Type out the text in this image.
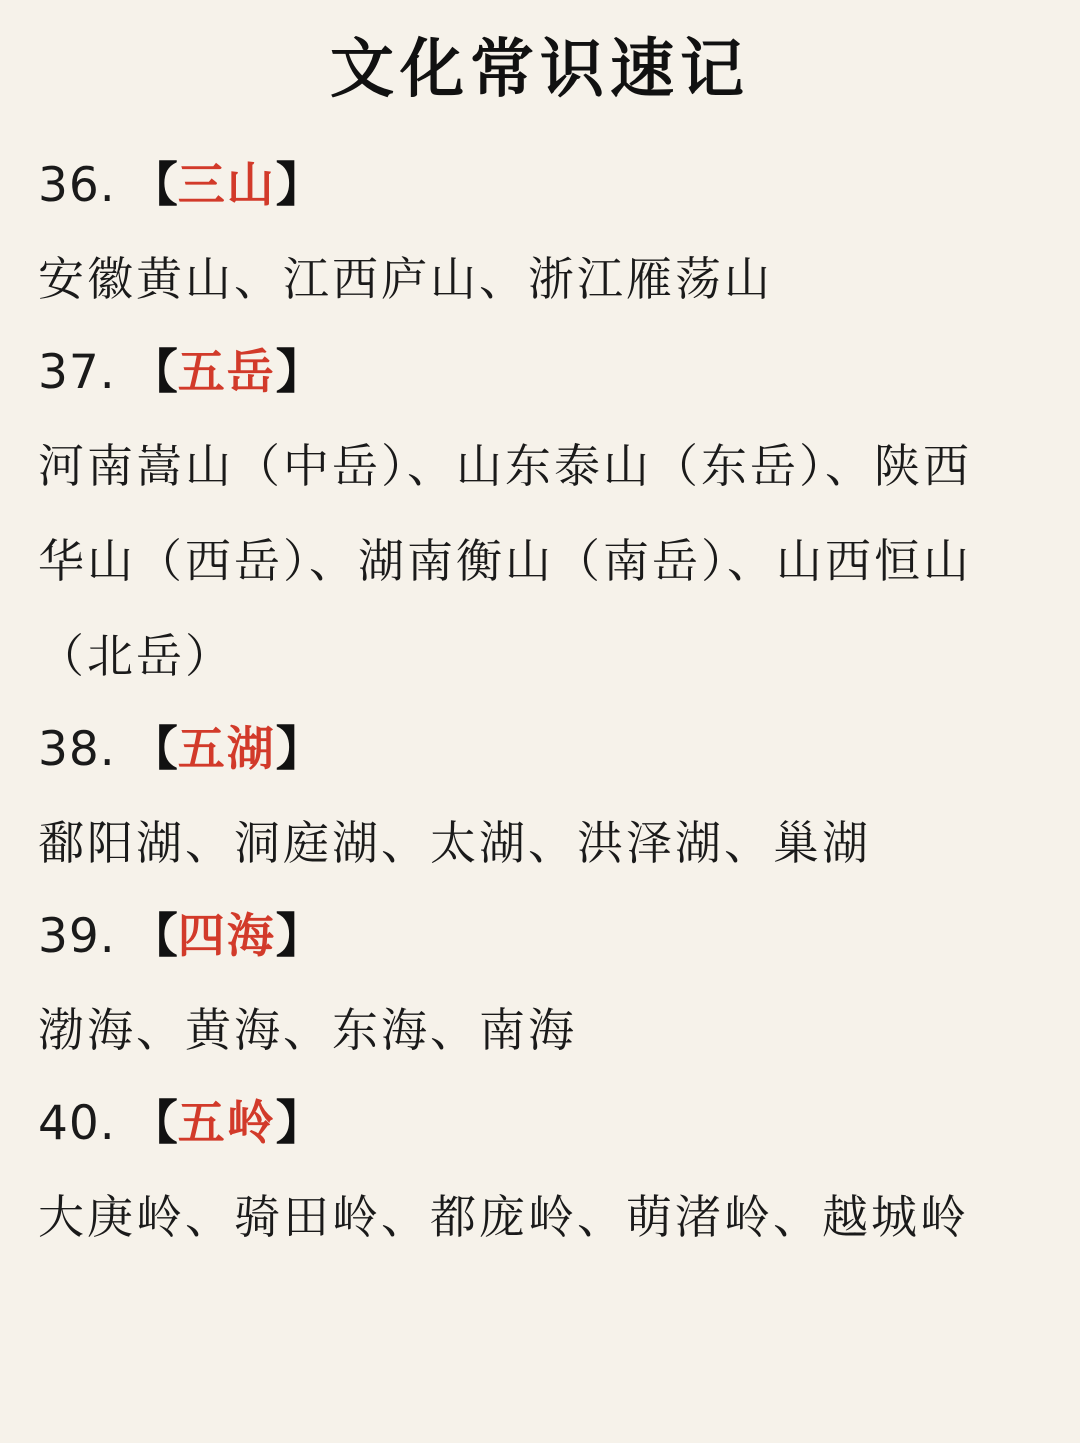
文化常识速记
36. 【三山】

安徽黄山、江西庐山、浙江雁荡山

37. 【五岳】

河南嵩山（中岳）、山东泰山（东岳）、陕西
华山（西岳）、湖南衡山（南岳）、山西恒山
（北岳）

38. 【五湖】

鄱阳湖、洞庭湖、太湖、洪泽湖、巢湖

39. 【四海】

渤海、黄海、东海、南海

40. 【五岭】

大庚岭、骑田岭、都庞岭、萌渚岭、越城岭
